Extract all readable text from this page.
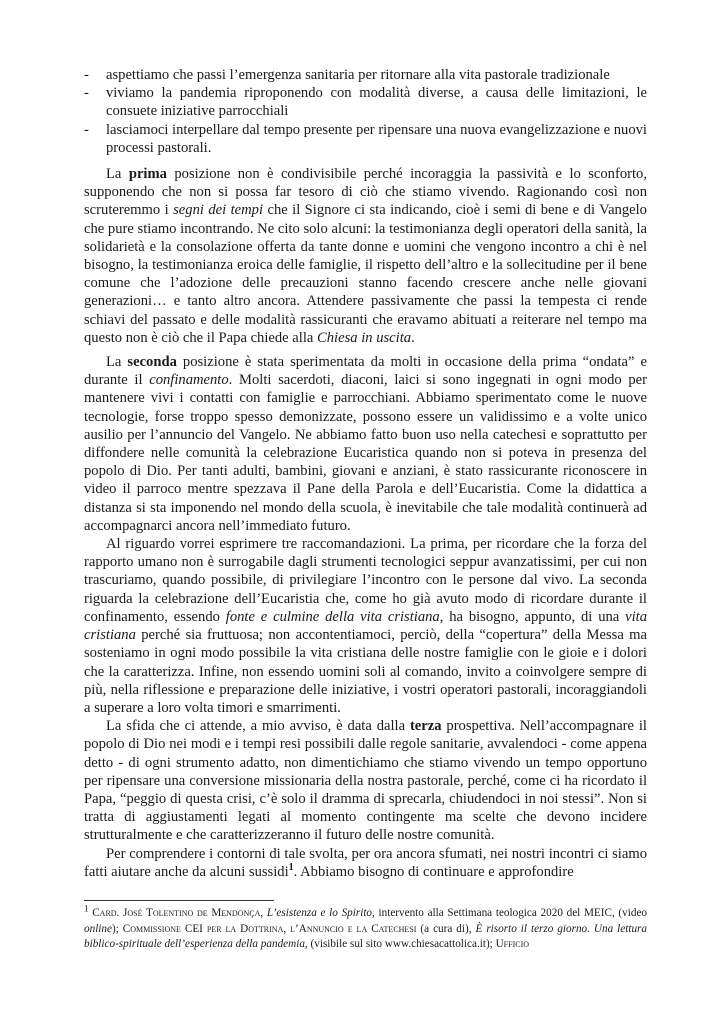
- aspettiamo che passi l’emergenza sanitaria per ritornare alla vita pastorale tradizionale
- viviamo la pandemia riproponendo con modalità diverse, a causa delle limitazioni, le consuete iniziative parrocchiali
- lasciamoci interpellare dal tempo presente per ripensare una nuova evangelizzazione e nuovi processi pastorali.

La prima posizione non è condivisibile perché incoraggia la passività e lo sconforto, supponendo che non si possa far tesoro di ciò che stiamo vivendo. Ragionando così non scruteremmo i segni dei tempi che il Signore ci sta indicando, cioè i semi di bene e di Vangelo che pure stiamo incontrando. Ne cito solo alcuni: la testimonianza degli operatori della sanità, la solidarietà e la consolazione offerta da tante donne e uomini che vengono incontro a chi è nel bisogno, la testimonianza eroica delle famiglie, il rispetto dell’altro e la sollecitudine per il bene comune che l’adozione delle precauzioni stanno facendo crescere anche nelle giovani generazioni… e tanto altro ancora. Attendere passivamente che passi la tempesta ci rende schiavi del passato e delle modalità rassicuranti che eravamo abituati a reiterare nel tempo ma questo non è ciò che il Papa chiede alla Chiesa in uscita.

La seconda posizione è stata sperimentata da molti in occasione della prima “ondata” e durante il confinamento. Molti sacerdoti, diaconi, laici si sono ingegnati in ogni modo per mantenere vivi i contatti con famiglie e parrocchiani. Abbiamo sperimentato come le nuove tecnologie, forse troppo spesso demonizzate, possono essere un validissimo e a volte unico ausilio per l’annuncio del Vangelo. Ne abbiamo fatto buon uso nella catechesi e soprattutto per diffondere nelle comunità la celebrazione Eucaristica quando non si poteva in presenza del popolo di Dio. Per tanti adulti, bambini, giovani e anziani, è stato rassicurante riconoscere in video il parroco mentre spezzava il Pane della Parola e dell’Eucaristia. Come la didattica a distanza si sta imponendo nel mondo della scuola, è inevitabile che tale modalità continuerà ad accompagnarci ancora nell’immediato futuro.

Al riguardo vorrei esprimere tre raccomandazioni. La prima, per ricordare che la forza del rapporto umano non è surrogabile dagli strumenti tecnologici seppur avanzatissimi, per cui non trascuriamo, quando possibile, di privilegiare l’incontro con le persone dal vivo. La seconda riguarda la celebrazione dell’Eucaristia che, come ho già avuto modo di ricordare durante il confinamento, essendo fonte e culmine della vita cristiana, ha bisogno, appunto, di una vita cristiana perché sia fruttuosa; non accontentiamoci, perciò, della “copertura” della Messa ma sosteniamo in ogni modo possibile la vita cristiana delle nostre famiglie con le gioie e i dolori che la caratterizza. Infine, non essendo uomini soli al comando, invito a coinvolgere sempre di più, nella riflessione e preparazione delle iniziative, i vostri operatori pastorali, incoraggiandoli a superare a loro volta timori e smarrimenti.

La sfida che ci attende, a mio avviso, è data dalla terza prospettiva. Nell’accompagnare il popolo di Dio nei modi e i tempi resi possibili dalle regole sanitarie, avvalendoci - come appena detto - di ogni strumento adatto, non dimentichiamo che stiamo vivendo un tempo opportuno per ripensare una conversione missionaria della nostra pastorale, perché, come ci ha ricordato il Papa, “peggio di questa crisi, c’è solo il dramma di sprecarla, chiudendoci in noi stessi”. Non si tratta di aggiustamenti legati al momento contingente ma scelte che devono incidere strutturalmente e che caratterizzeranno il futuro delle nostre comunità.

Per comprendere i contorni di tale svolta, per ora ancora sfumati, nei nostri incontri ci siamo fatti aiutare anche da alcuni sussidi$^1$. Abbiamo bisogno di continuare e approfondire

$^1$ Card. José Tolentino de Mendonça, L’esistenza e lo Spirito, intervento alla Settimana teologica 2020 del MEIC, (video online); Commissione CEI per la Dottrina, l’Annuncio e la Catechesi (a cura di), È risorto il terzo giorno. Una lettura biblico-spirituale dell’esperienza della pandemia, (visibile sul sito www.chiesacattolica.it); Ufficio
